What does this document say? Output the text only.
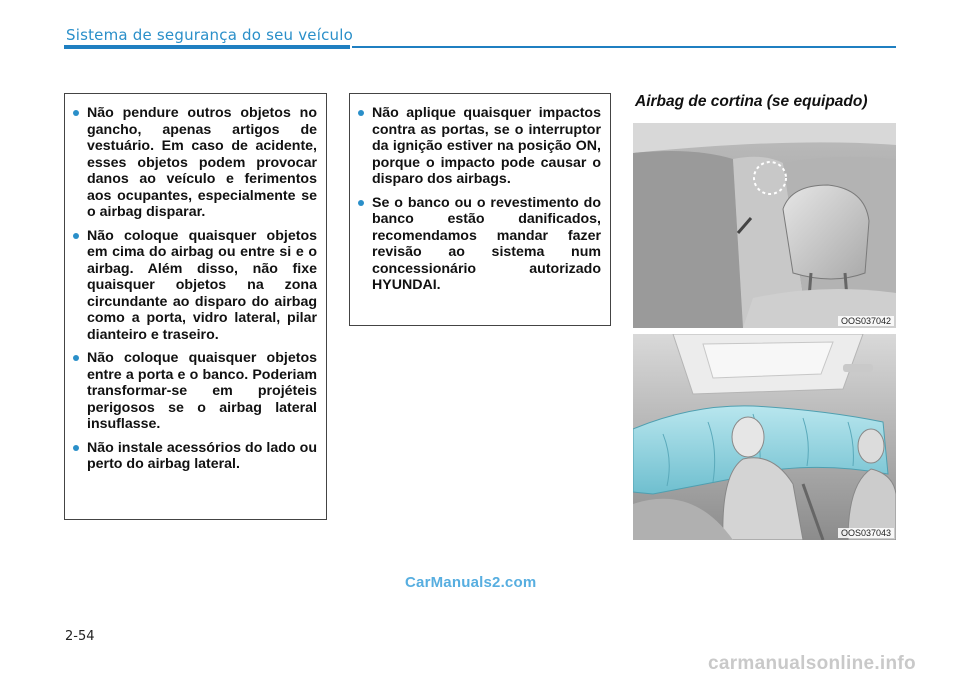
Sistema de segurança do seu veículo
Não pendure outros objetos no gancho, apenas artigos de vestuário. Em caso de acidente, esses objetos podem provocar danos ao veículo e ferimentos aos ocupantes, especialmente se o airbag disparar.
Não coloque quaisquer objetos em cima do airbag ou entre si e o airbag. Além disso, não fixe quaisquer objetos na zona circundante ao disparo do airbag como a porta, vidro lateral, pilar dianteiro e traseiro.
Não coloque quaisquer objetos entre a porta e o banco. Poderiam transformar-se em projéteis perigosos se o airbag lateral insuflasse.
Não instale acessórios do lado ou perto do airbag lateral.
Não aplique quaisquer impactos contra as portas, se o interruptor da ignição estiver na posição ON, porque o impacto pode causar o disparo dos airbags.
Se o banco ou o revestimento do banco estão danificados, recomendamos mandar fazer revisão ao sistema num concessionário autorizado HYUNDAI.
Airbag de cortina (se equipado)
OOS037042
OOS037043
CarManuals2.com
2-54
carmanualsonline.info
